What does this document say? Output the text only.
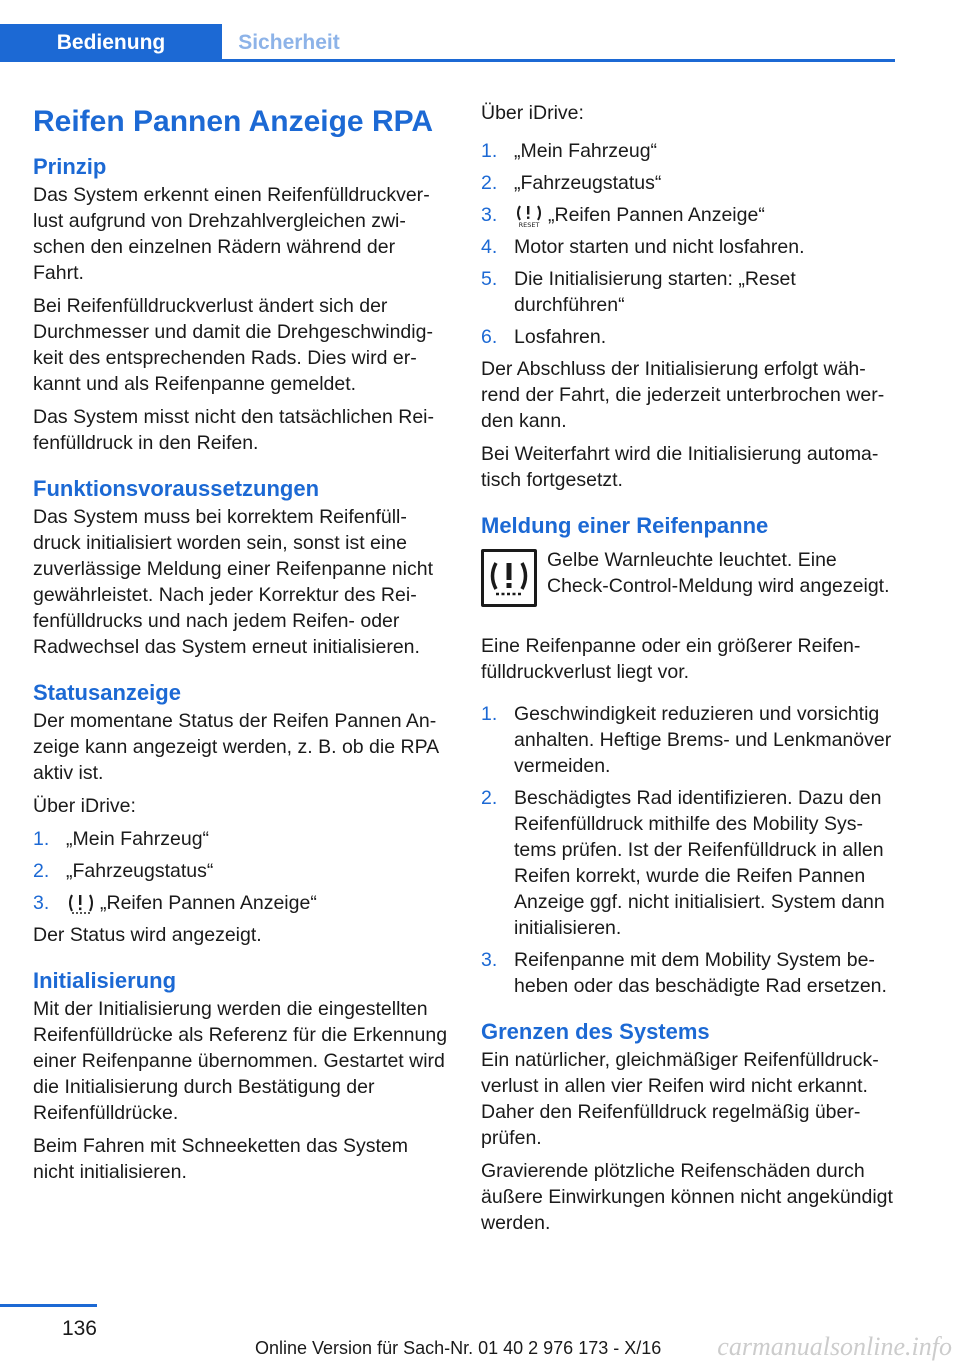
Bedienung	Sicherheit
Reifen Pannen Anzeige RPA
Prinzip

Das System erkennt einen Reifenfülldruckverlust aufgrund von Drehzahlvergleichen zwischen den einzelnen Rädern während der Fahrt.

Bei Reifenfülldruckverlust ändert sich der Durchmesser und damit die Drehgeschwindigkeit des entsprechenden Rads. Dies wird erkannt und als Reifenpanne gemeldet.

Das System misst nicht den tatsächlichen Reifenfülldruck in den Reifen.

Funktionsvoraussetzungen

Das System muss bei korrektem Reifenfülldruck initialisiert worden sein, sonst ist eine zuverlässige Meldung einer Reifenpanne nicht gewährleistet. Nach jeder Korrektur des Reifenfülldrucks und nach jedem Reifen- oder Radwechsel das System erneut initialisieren.

Statusanzeige

Der momentane Status der Reifen Pannen Anzeige kann angezeigt werden, z. B. ob die RPA aktiv ist.

Über iDrive:

1. „Mein Fahrzeug“
2. „Fahrzeugstatus“
3.	„Reifen Pannen Anzeige“

Der Status wird angezeigt.

Initialisierung

Mit der Initialisierung werden die eingestellten Reifenfülldrücke als Referenz für die Erkennung einer Reifenpanne übernommen. Gestartet wird die Initialisierung durch Bestätigung der Reifenfülldrücke.

Beim Fahren mit Schneeketten das System nicht initialisieren.

Über iDrive:

1. „Mein Fahrzeug“
2. „Fahrzeugstatus“
3.	RESET „Reifen Pannen Anzeige“
4. Motor starten und nicht losfahren.
5. Die Initialisierung starten: „Reset durchführen“
6. Losfahren.

Der Abschluss der Initialisierung erfolgt während der Fahrt, die jederzeit unterbrochen werden kann.

Bei Weiterfahrt wird die Initialisierung automatisch fortgesetzt.

Meldung einer Reifenpanne
Gelbe Warnleuchte leuchtet. Eine Check-Control-Meldung wird angezeigt.

Eine Reifenpanne oder ein größerer Reifenfülldruckverlust liegt vor.

1. Geschwindigkeit reduzieren und vorsichtig anhalten. Heftige Brems- und Lenkmanöver vermeiden.
2. Beschädigtes Rad identifizieren. Dazu den Reifenfülldruck mithilfe des Mobility Systems prüfen. Ist der Reifenfülldruck in allen Reifen korrekt, wurde die Reifen Pannen Anzeige ggf. nicht initialisiert. System dann initialisieren.
3. Reifenpanne mit dem Mobility System beheben oder das beschädigte Rad ersetzen.
Grenzen des Systems

Ein natürlicher, gleichmäßiger Reifenfülldruckverlust in allen vier Reifen wird nicht erkannt. Daher den Reifenfülldruck regelmäßig überprüfen.

Gravierende plötzliche Reifenschäden durch äußere Einwirkungen können nicht angekündigt werden.

136
Online Version für Sach-Nr. 01 40 2 976 173 - X/16 carmanualsonline.info
